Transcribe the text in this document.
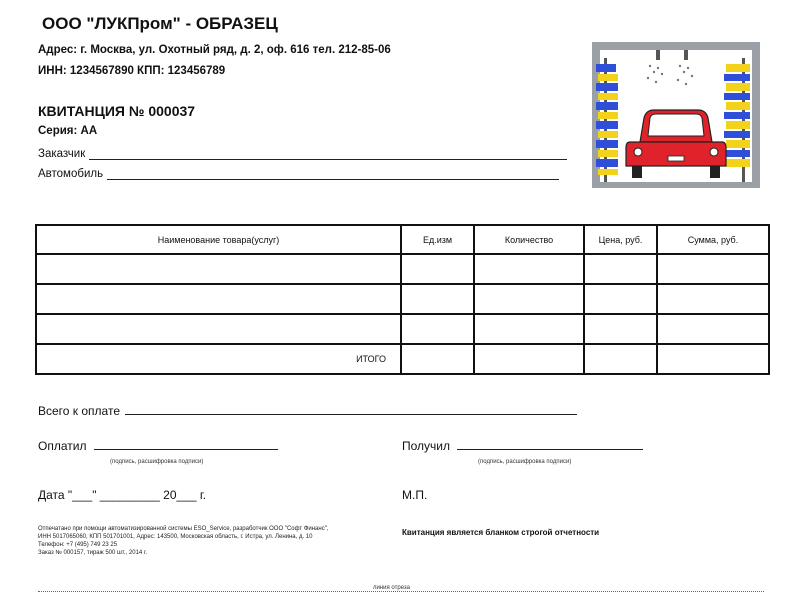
ООО "ЛУКПром" - ОБРАЗЕЦ
Адрес: г. Москва, ул. Охотный ряд, д. 2, оф. 616 тел. 212-85-06
ИНН: 1234567890 КПП: 123456789
КВИТАНЦИЯ № 000037
Серия: АА
Заказчик
Автомобиль
Наименование товара(услуг)	Ед.изм	Количество	Цена, руб.	Сумма, руб.

ИТОГО				
Всего к оплате
Оплатил
(подпись, расшифровка подписи)
Получил
(подпись, расшифровка подписи)
Дата "___" _________ 20___ г.	М.П.
Отпечатано при помощи автоматизированной системы ESO_Service, разработчик ООО "Софт Финанс",
ИНН 5017065060, КПП 501701001, Адрес: 143500, Московская область, г. Истра, ул. Ленина, д. 10
Телефон: +7 (495) 749 23 25
Заказ № 000157, тираж 500 шт., 2014 г.
Квитанция является бланком строгой отчетности
линия отреза
